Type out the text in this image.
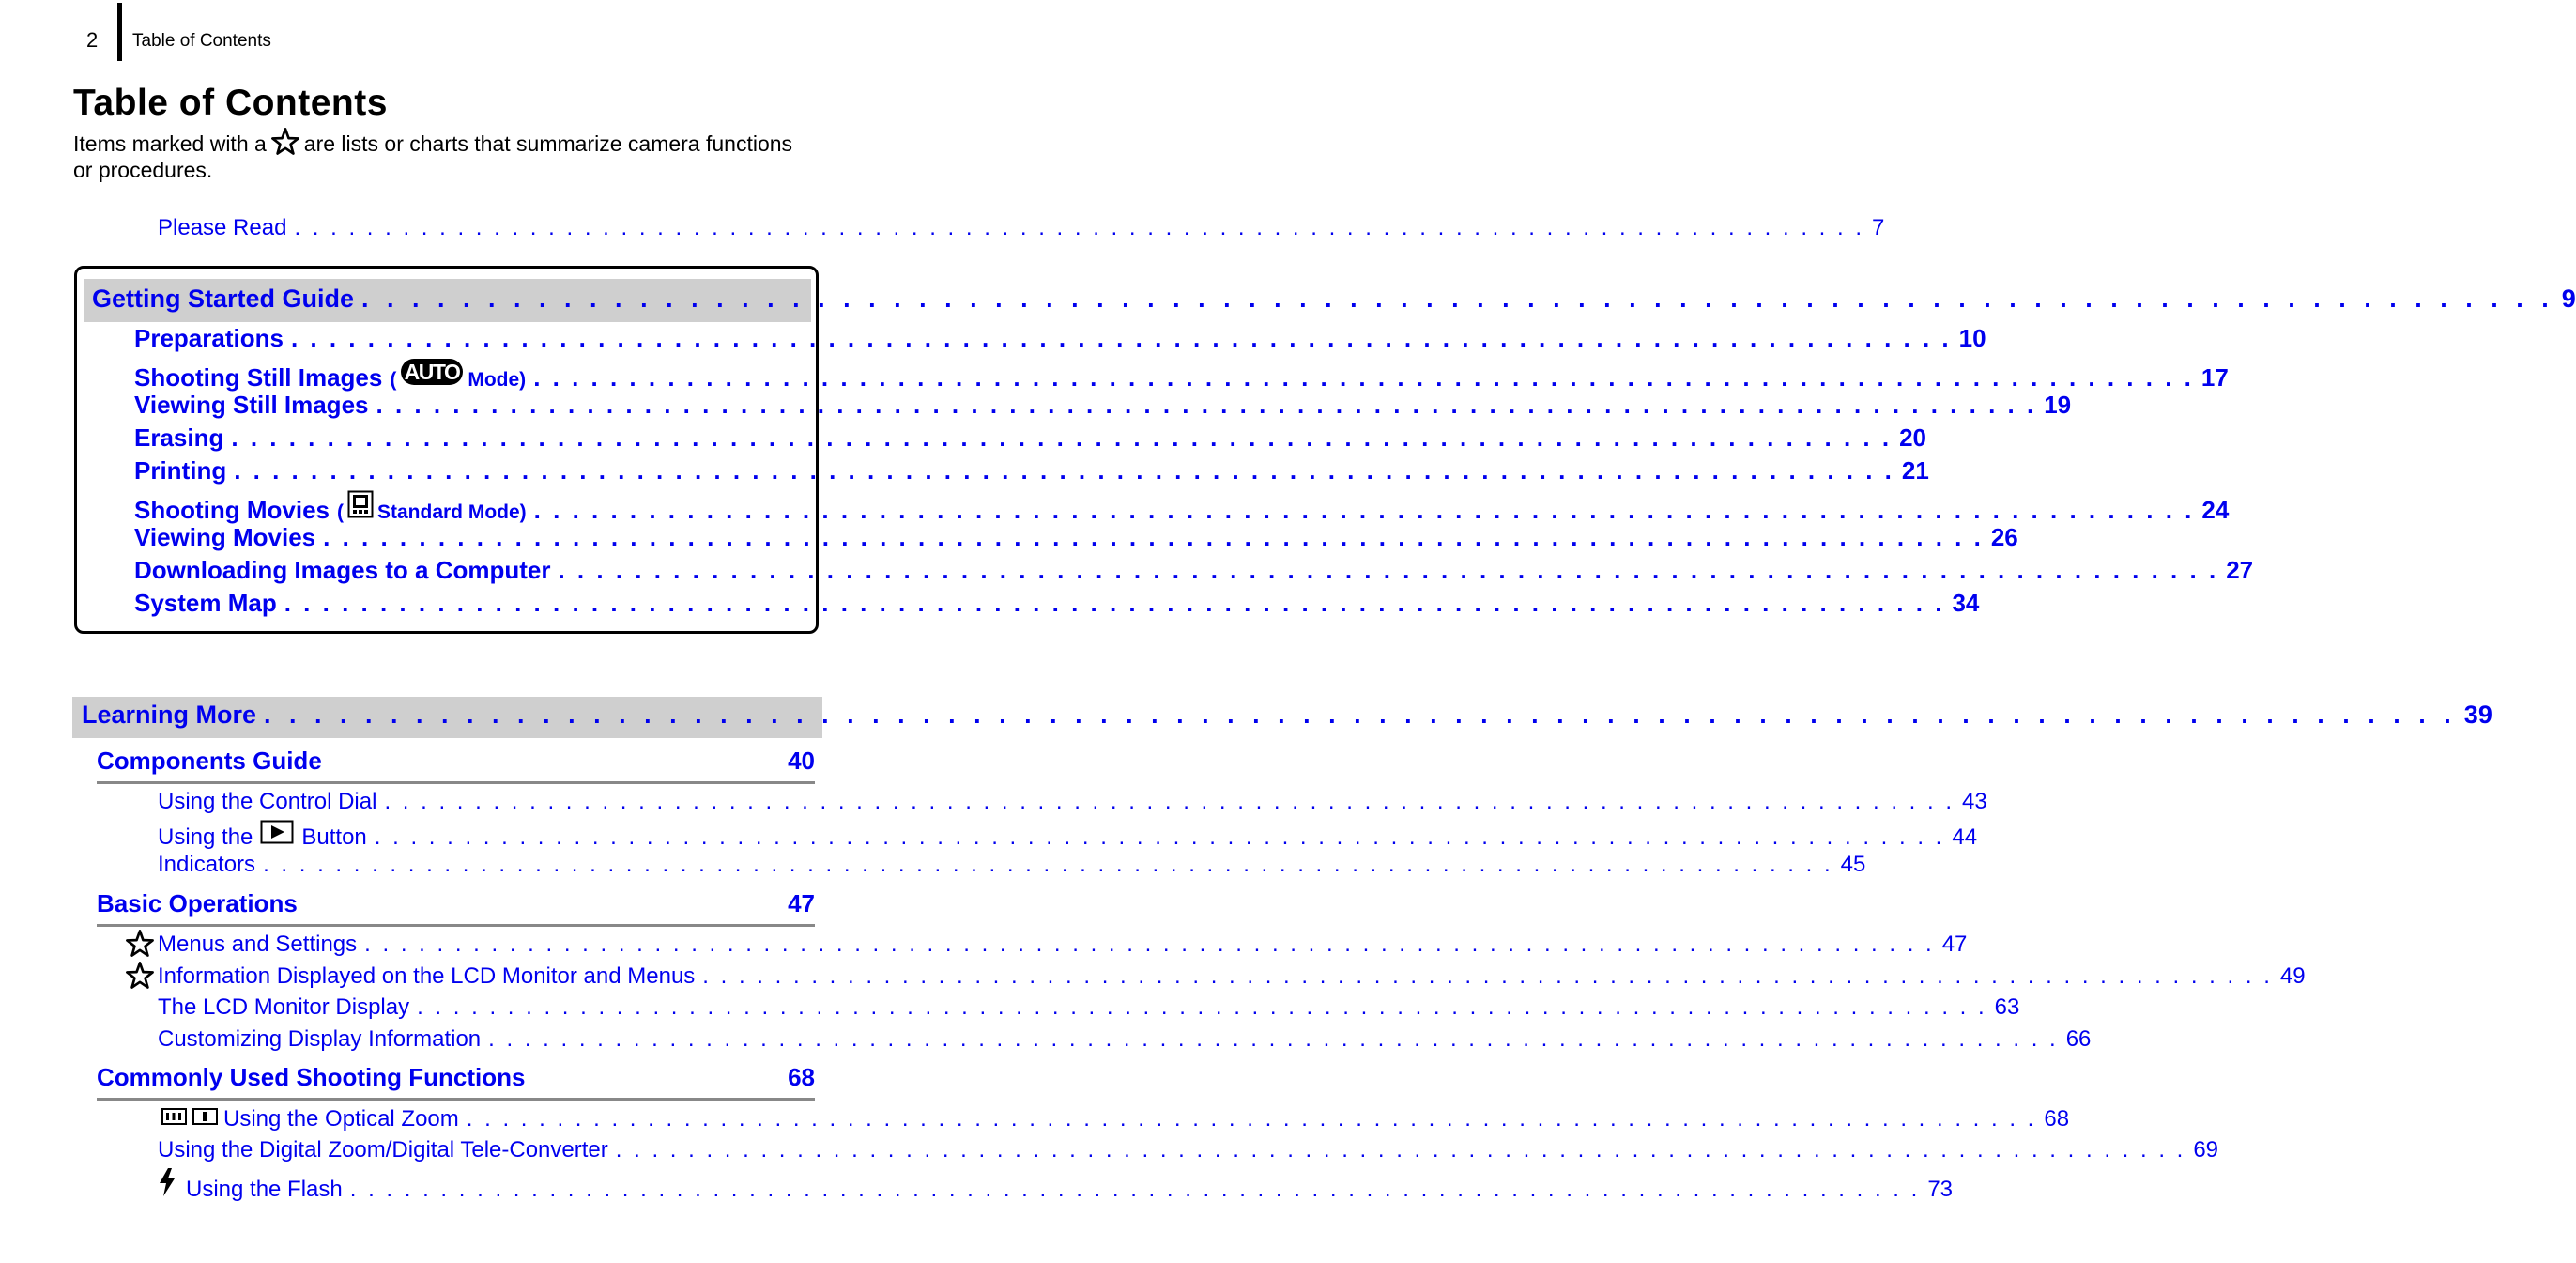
2 Table of Contents
Table of Contents
Items marked with a are lists or charts that summarize camera functions
or procedures.
Please Read . . . . . . . . . . . . . . . . . . . . . . . . . . . . . . . . . . . . . . . . . . . . . . . . . . . . . . . . . . . . . . . . . . . . . . . . . . . . . . . . . . . . . . . 7
Getting Started Guide . . . . . . . . . . . . . . . . . . . . . . . . . . . . . . . . . . . . . . . . . . . . . . . . . . . . . . . . . . . . . . . . . . . . . . . . . . . . . . . . . . . . . . . 9
Preparations . . . . . . . . . . . . . . . . . . . . . . . . . . . . . . . . . . . . . . . . . . . . . . . . . . . . . . . . . . . . . . . . . . . . . . . . . . . . . . . . . . . . . . . 10
Shooting Still Images ( AUTO Mode) . . . . . . . . . . . . . . . . . . . . . . . . . . . . . . . . . . . . . . . . . . . . . . . . . . . . . . . . . . . . . . . . . . . . . . . . . . . . . . . . . . . . . . . 17
Viewing Still Images . . . . . . . . . . . . . . . . . . . . . . . . . . . . . . . . . . . . . . . . . . . . . . . . . . . . . . . . . . . . . . . . . . . . . . . . . . . . . . . . . . . . . . . 19
Erasing . . . . . . . . . . . . . . . . . . . . . . . . . . . . . . . . . . . . . . . . . . . . . . . . . . . . . . . . . . . . . . . . . . . . . . . . . . . . . . . . . . . . . . . 20
Printing . . . . . . . . . . . . . . . . . . . . . . . . . . . . . . . . . . . . . . . . . . . . . . . . . . . . . . . . . . . . . . . . . . . . . . . . . . . . . . . . . . . . . . . 21
Shooting Movies ( Standard Mode) . . . . . . . . . . . . . . . . . . . . . . . . . . . . . . . . . . . . . . . . . . . . . . . . . . . . . . . . . . . . . . . . . . . . . . . . . . . . . . . . . . . . . . . 24
Viewing Movies . . . . . . . . . . . . . . . . . . . . . . . . . . . . . . . . . . . . . . . . . . . . . . . . . . . . . . . . . . . . . . . . . . . . . . . . . . . . . . . . . . . . . . . 26
Downloading Images to a Computer . . . . . . . . . . . . . . . . . . . . . . . . . . . . . . . . . . . . . . . . . . . . . . . . . . . . . . . . . . . . . . . . . . . . . . . . . . . . . . . . . . . . . . . 27
System Map . . . . . . . . . . . . . . . . . . . . . . . . . . . . . . . . . . . . . . . . . . . . . . . . . . . . . . . . . . . . . . . . . . . . . . . . . . . . . . . . . . . . . . . 34
Learning More . . . . . . . . . . . . . . . . . . . . . . . . . . . . . . . . . . . . . . . . . . . . . . . . . . . . . . . . . . . . . . . . . . . . . . . . . . . . . . . . . . . . . . . 39
Components Guide	40
Using the Control Dial . . . . . . . . . . . . . . . . . . . . . . . . . . . . . . . . . . . . . . . . . . . . . . . . . . . . . . . . . . . . . . . . . . . . . . . . . . . . . . . . . . . . . . . 43
Using the Button . . . . . . . . . . . . . . . . . . . . . . . . . . . . . . . . . . . . . . . . . . . . . . . . . . . . . . . . . . . . . . . . . . . . . . . . . . . . . . . . . . . . . . . 44
Indicators . . . . . . . . . . . . . . . . . . . . . . . . . . . . . . . . . . . . . . . . . . . . . . . . . . . . . . . . . . . . . . . . . . . . . . . . . . . . . . . . . . . . . . . 45
Basic Operations	47
Menus and Settings . . . . . . . . . . . . . . . . . . . . . . . . . . . . . . . . . . . . . . . . . . . . . . . . . . . . . . . . . . . . . . . . . . . . . . . . . . . . . . . . . . . . . . . 47
Information Displayed on the LCD Monitor and Menus . . . . . . . . . . . . . . . . . . . . . . . . . . . . . . . . . . . . . . . . . . . . . . . . . . . . . . . . . . . . . . . . . . . . . . . . . . . . . . . . . . . . . . . 49
The LCD Monitor Display . . . . . . . . . . . . . . . . . . . . . . . . . . . . . . . . . . . . . . . . . . . . . . . . . . . . . . . . . . . . . . . . . . . . . . . . . . . . . . . . . . . . . . . 63
Customizing Display Information . . . . . . . . . . . . . . . . . . . . . . . . . . . . . . . . . . . . . . . . . . . . . . . . . . . . . . . . . . . . . . . . . . . . . . . . . . . . . . . . . . . . . . . 66
Commonly Used Shooting Functions	68
Using the Optical Zoom . . . . . . . . . . . . . . . . . . . . . . . . . . . . . . . . . . . . . . . . . . . . . . . . . . . . . . . . . . . . . . . . . . . . . . . . . . . . . . . . . . . . . . . 68
Using the Digital Zoom/Digital Tele-Converter . . . . . . . . . . . . . . . . . . . . . . . . . . . . . . . . . . . . . . . . . . . . . . . . . . . . . . . . . . . . . . . . . . . . . . . . . . . . . . . . . . . . . . . 69
Using the Flash . . . . . . . . . . . . . . . . . . . . . . . . . . . . . . . . . . . . . . . . . . . . . . . . . . . . . . . . . . . . . . . . . . . . . . . . . . . . . . . . . . . . . . . 73
